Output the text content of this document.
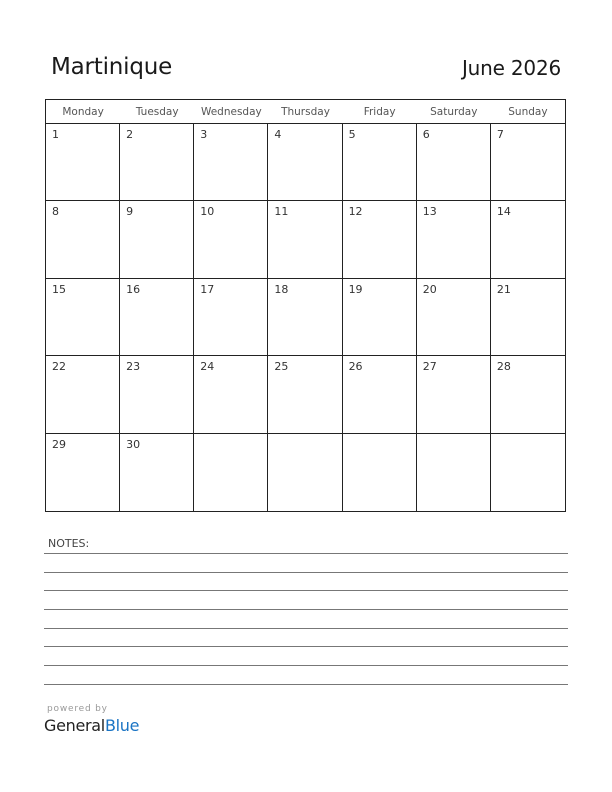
Martinique	June 2026
Monday	Tuesday	Wednesday	Thursday	Friday	Saturday	Sunday
1	2	3	4	5	6	7
8	9	10	11	12	13	14
15	16	17	18	19	20	21
22	23	24	25	26	27	28
29	30
NOTES:
powered by
GeneralBlue
